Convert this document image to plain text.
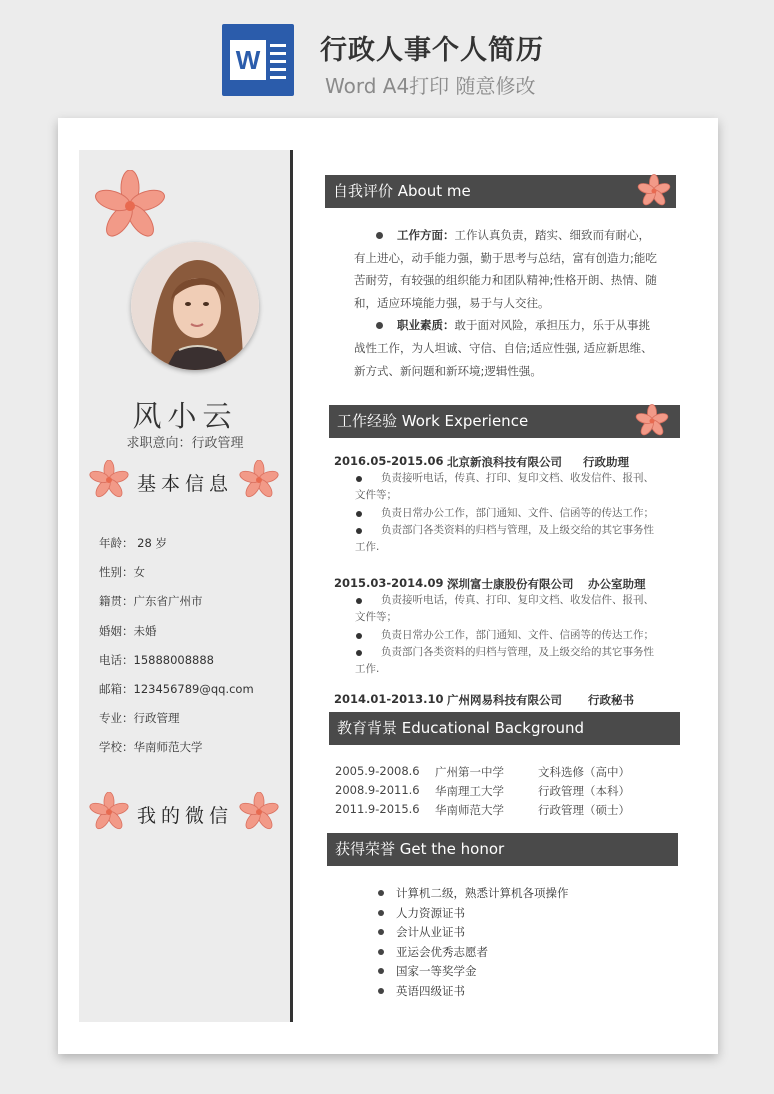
W 行政人事个人简历
Word A4打印 随意修改
风小云
求职意向：行政管理
基本信息
年龄： 28 岁
性别：女
籍贯：广东省广州市
婚姻：未婚
电话：15888008888
邮箱：123456789@qq.com
专业：行政管理
学校：华南师范大学
我的微信
自我评价 About me
工作方面：工作认真负责，踏实、细致而有耐心，
有上进心，动手能力强，勤于思考与总结，富有创造力;能吃
苦耐劳，有较强的组织能力和团队精神;性格开朗、热情、随
和，适应环境能力强，易于与人交往。
职业素质：敢于面对风险，承担压力，乐于从事挑
战性工作，为人坦诚、守信、自信;适应性强, 适应新思维、
新方式、新问题和新环境;逻辑性强。
工作经验 Work Experience
2016.05-2015.06 北京新浪科技有限公司 行政助理
负责接听电话，传真、打印、复印文档、收发信件、报刊、
文件等；
负责日常办公工作，部门通知、文件、信函等的传达工作；
负责部门各类资料的归档与管理，及上级交给的其它事务性
工作.
2015.03-2014.09 深圳富士康股份有限公司 办公室助理
负责接听电话，传真、打印、复印文档、收发信件、报刊、
文件等；
负责日常办公工作，部门通知、文件、信函等的传达工作；
负责部门各类资料的归档与管理，及上级交给的其它事务性
工作.
2014.01-2013.10 广州网易科技有限公司 行政秘书
教育背景 Educational Background
2005.9-2008.6 广州第一中学	文科选修（高中）
2008.9-2011.6 华南理工大学	行政管理（本科）
2011.9-2015.6 华南师范大学	行政管理（硕士）
获得荣誉 Get the honor
计算机二级，熟悉计算机各项操作
人力资源证书
会计从业证书
亚运会优秀志愿者
国家一等奖学金
英语四级证书
